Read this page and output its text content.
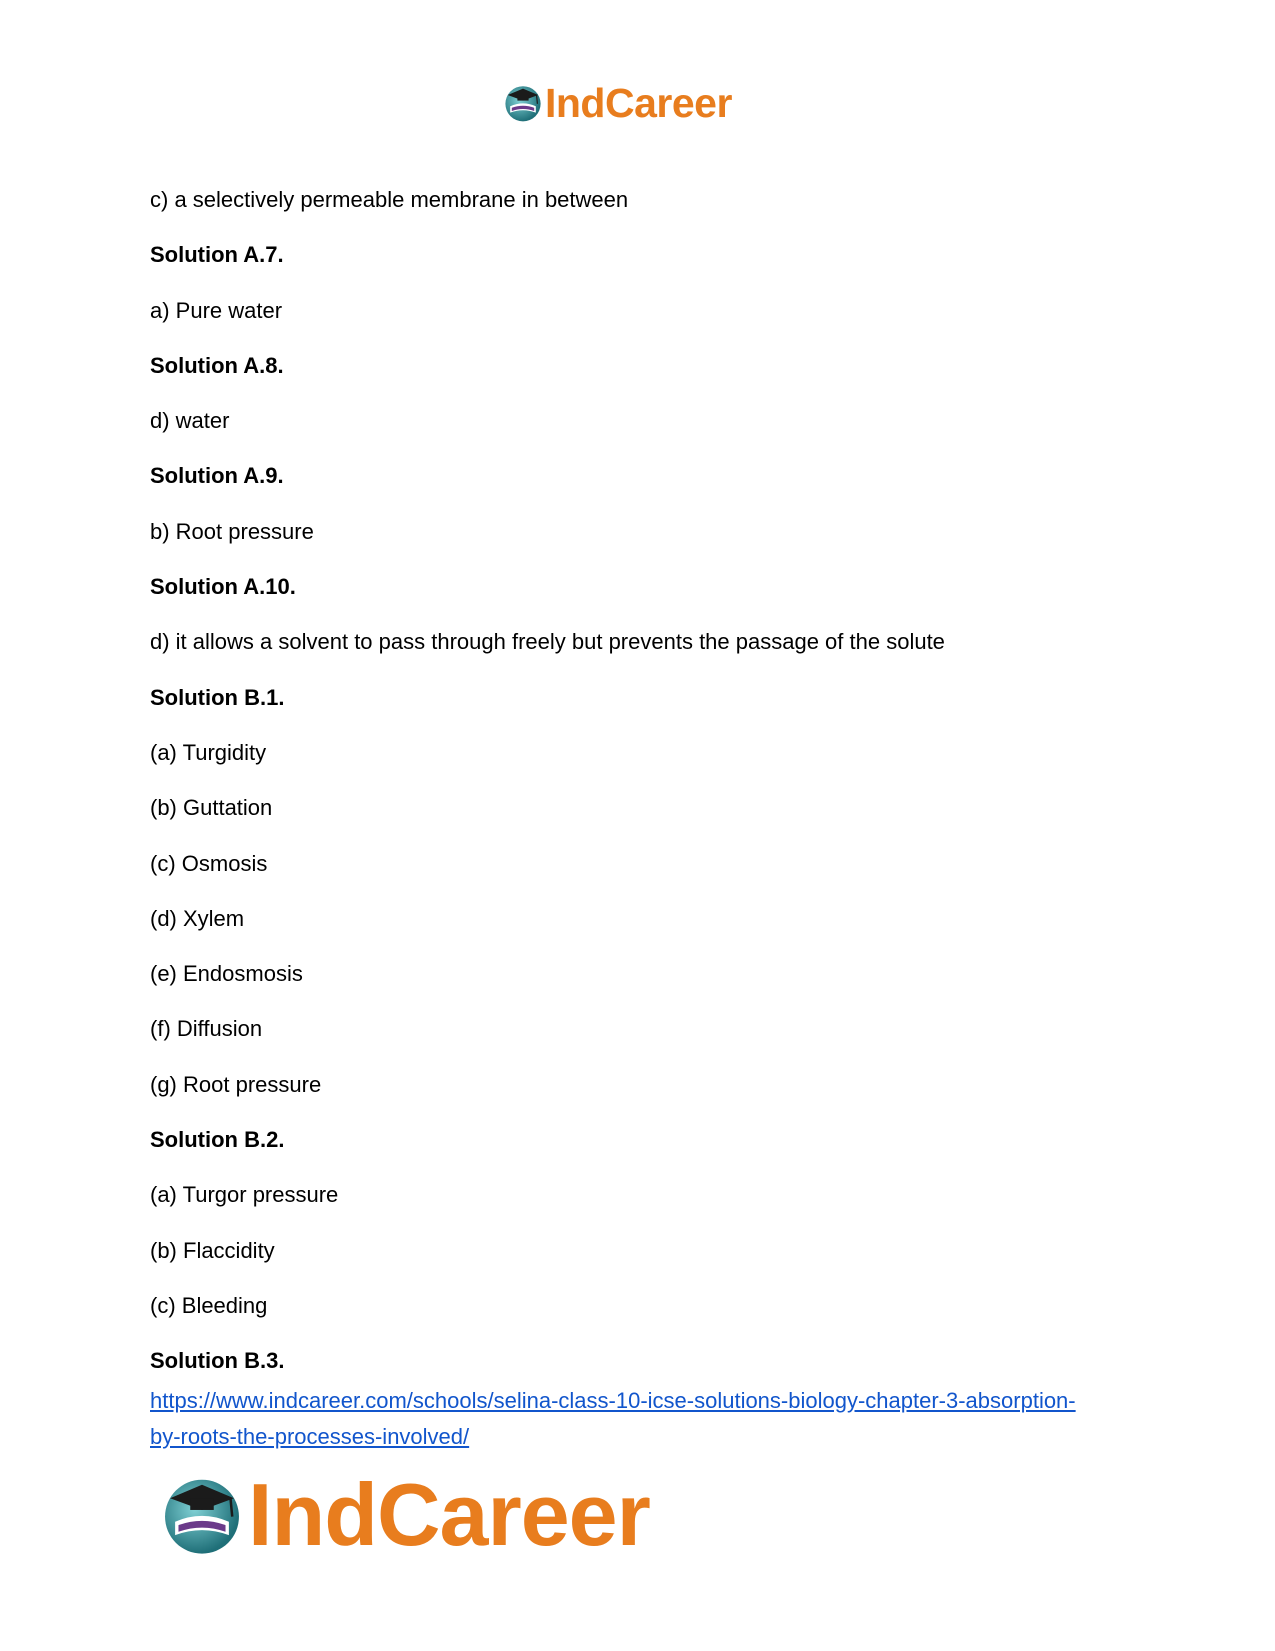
IndCareer
c) a selectively permeable membrane in between
Solution A.7.
a) Pure water
Solution A.8.
d) water
Solution A.9.
b) Root pressure
Solution A.10.
d) it allows a solvent to pass through freely but prevents the passage of the solute
Solution B.1.
(a) Turgidity
(b) Guttation
(c) Osmosis
(d) Xylem
(e) Endosmosis
(f) Diffusion
(g) Root pressure
Solution B.2.
(a) Turgor pressure
(b) Flaccidity
(c) Bleeding
Solution B.3.
https://www.indcareer.com/schools/selina-class-10-icse-solutions-biology-chapter-3-absorption-
by-roots-the-processes-involved/
IndCareer
